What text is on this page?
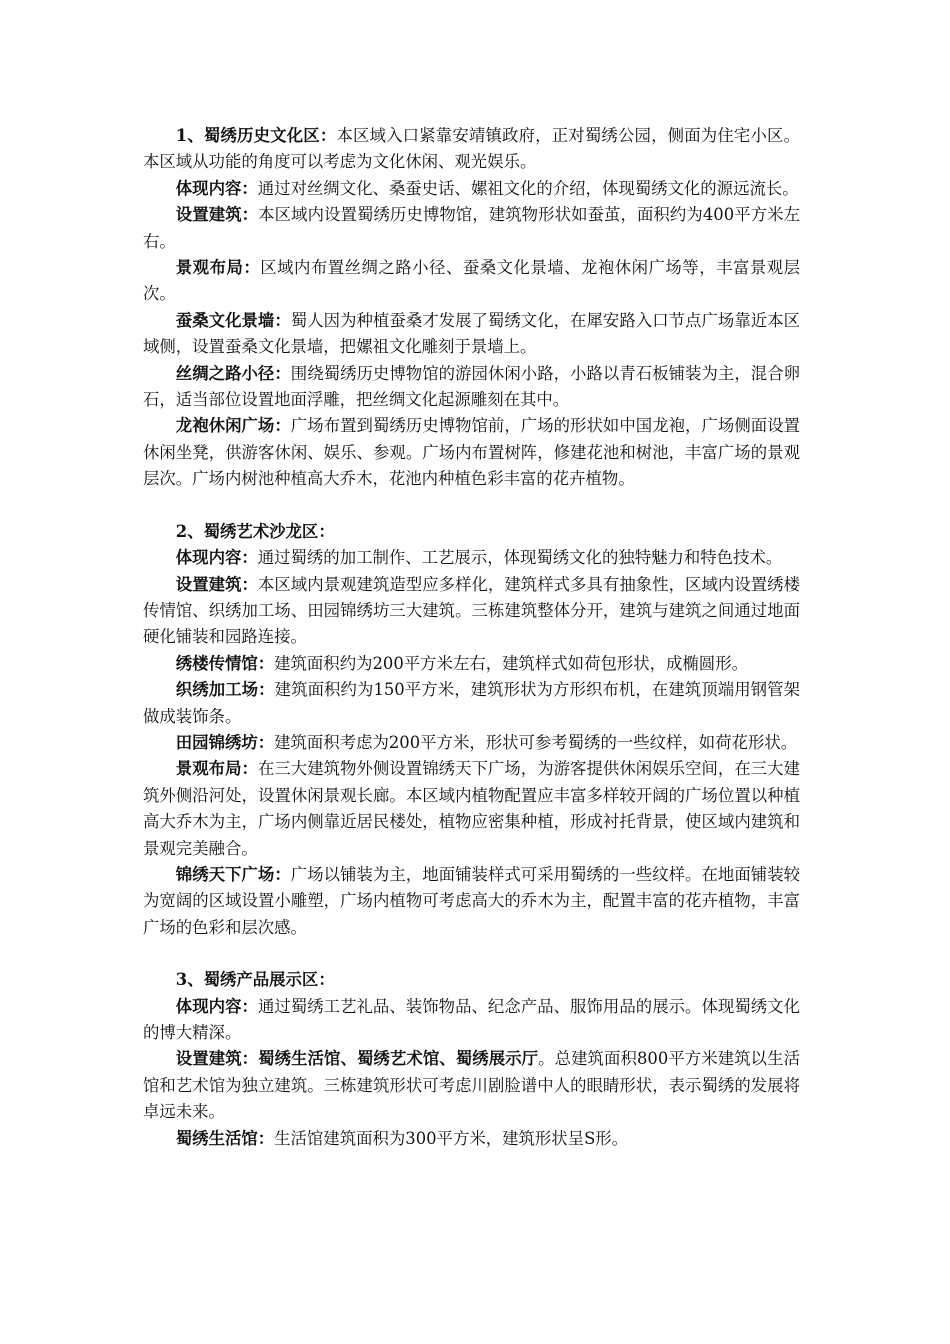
1、蜀绣历史文化区：本区域入口紧靠安靖镇政府，正对蜀绣公园，侧面为住宅小区。本区域从功能的角度可以考虑为文化休闲、观光娱乐。

体现内容：通过对丝绸文化、桑蚕史话、嫘祖文化的介绍，体现蜀绣文化的源远流长。

设置建筑：本区域内设置蜀绣历史博物馆，建筑物形状如蚕茧，面积约为400平方米左右。

景观布局：区域内布置丝绸之路小径、蚕桑文化景墙、龙袍休闲广场等，丰富景观层次。

蚕桑文化景墙：蜀人因为种植蚕桑才发展了蜀绣文化，在犀安路入口节点广场靠近本区域侧，设置蚕桑文化景墙，把嫘祖文化雕刻于景墙上。

丝绸之路小径：围绕蜀绣历史博物馆的游园休闲小路，小路以青石板铺装为主，混合卵石，适当部位设置地面浮雕，把丝绸文化起源雕刻在其中。

龙袍休闲广场：广场布置到蜀绣历史博物馆前，广场的形状如中国龙袍，广场侧面设置休闲坐凳，供游客休闲、娱乐、参观。广场内布置树阵，修建花池和树池，丰富广场的景观层次。广场内树池种植高大乔木，花池内种植色彩丰富的花卉植物。

2、蜀绣艺术沙龙区：

体现内容：通过蜀绣的加工制作、工艺展示，体现蜀绣文化的独特魅力和特色技术。

设置建筑：本区域内景观建筑造型应多样化，建筑样式多具有抽象性，区域内设置绣楼传情馆、织绣加工场、田园锦绣坊三大建筑。三栋建筑整体分开，建筑与建筑之间通过地面硬化铺装和园路连接。

绣楼传情馆：建筑面积约为200平方米左右，建筑样式如荷包形状，成椭圆形。

织绣加工场：建筑面积约为150平方米，建筑形状为方形织布机，在建筑顶端用钢管架做成装饰条。

田园锦绣坊：建筑面积考虑为200平方米，形状可参考蜀绣的一些纹样，如荷花形状。

景观布局：在三大建筑物外侧设置锦绣天下广场，为游客提供休闲娱乐空间，在三大建筑外侧沿河处，设置休闲景观长廊。本区域内植物配置应丰富多样较开阔的广场位置以种植高大乔木为主，广场内侧靠近居民楼处，植物应密集种植，形成衬托背景，使区域内建筑和景观完美融合。

锦绣天下广场：广场以铺装为主，地面铺装样式可采用蜀绣的一些纹样。在地面铺装较为宽阔的区域设置小雕塑，广场内植物可考虑高大的乔木为主，配置丰富的花卉植物，丰富广场的色彩和层次感。

3、蜀绣产品展示区：

体现内容：通过蜀绣工艺礼品、装饰物品、纪念产品、服饰用品的展示。体现蜀绣文化的博大精深。

设置建筑：蜀绣生活馆、蜀绣艺术馆、蜀绣展示厅。总建筑面积800平方米建筑以生活馆和艺术馆为独立建筑。三栋建筑形状可考虑川剧脸谱中人的眼睛形状，表示蜀绣的发展将卓远未来。

蜀绣生活馆：生活馆建筑面积为300平方米，建筑形状呈S形。
